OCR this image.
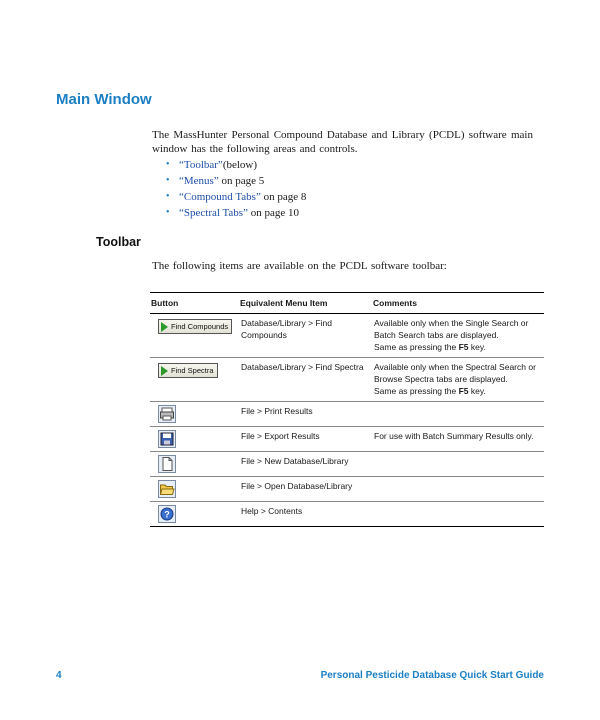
Main Window
The MassHunter Personal Compound Database and Library (PCDL) software main window has the following areas and controls.
• “Toolbar”(below)
• “Menus” on page 5
• “Compound Tabs” on page 8
• “Spectral Tabs” on page 10
Toolbar
The following items are available on the PCDL software toolbar:
Button	Equivalent Menu Item	Comments

Find Compounds	Database/Library > Find Compounds	Available only when the Single Search or Batch Search tabs are displayed.
Same as pressing the F5 key.

Find Spectra	Database/Library > Find Spectra	Available only when the Spectral Search or Browse Spectra tabs are displayed.
Same as pressing the F5 key.

	File > Print Results	
	File > Export Results	For use with Batch Summary Results only.
	File > New Database/Library	
	File > Open Database/Library	

?	Help > Contents	
4	Personal Pesticide Database Quick Start Guide
